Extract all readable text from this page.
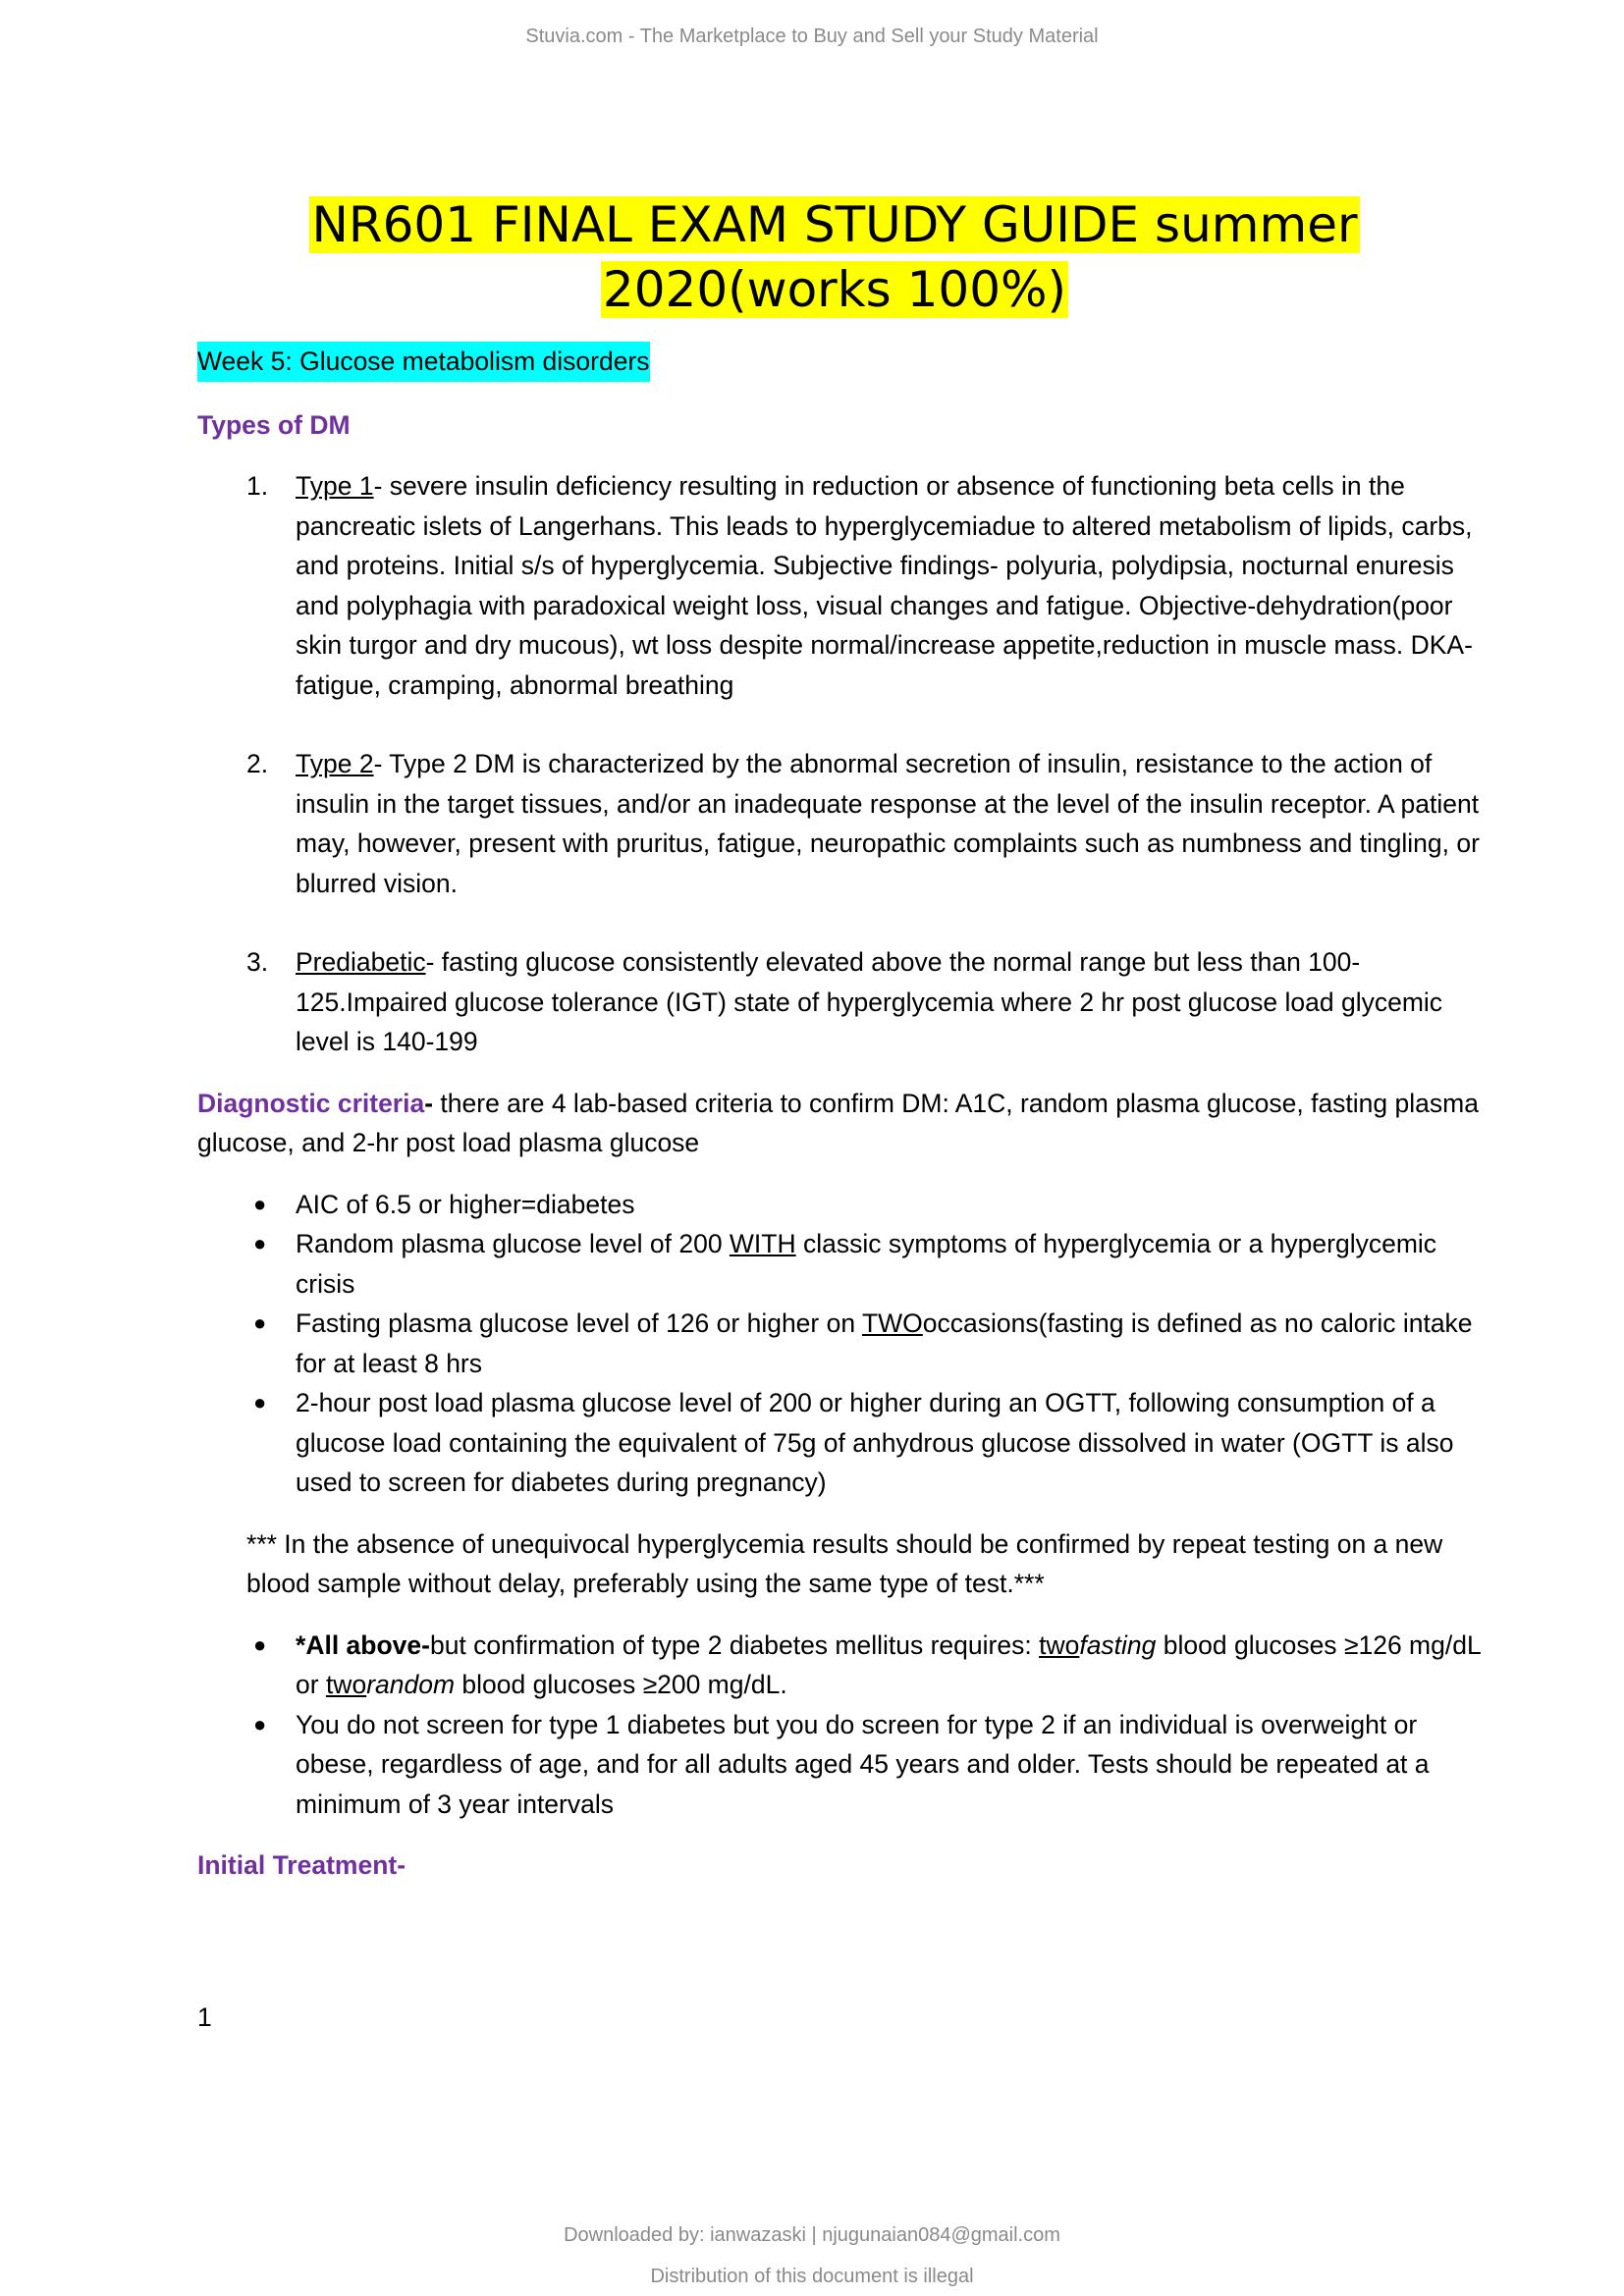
Stuvia.com - The Marketplace to Buy and Sell your Study Material
NR601 FINAL EXAM STUDY GUIDE summer
2020(works 100%)

Week 5: Glucose metabolism disorders

Types of DM

1. Type 1- severe insulin deficiency resulting in reduction or absence of functioning beta cells in the pancreatic islets of Langerhans. This leads to hyperglycemiadue to altered metabolism of lipids, carbs, and proteins. Initial s/s of hyperglycemia. Subjective findings- polyuria, polydipsia, nocturnal enuresis and polyphagia with paradoxical weight loss, visual changes and fatigue. Objective-dehydration(poor skin turgor and dry mucous), wt loss despite normal/increase appetite,reduction in muscle mass. DKA-fatigue, cramping, abnormal breathing
2. Type 2- Type 2 DM is characterized by the abnormal secretion of insulin, resistance to the action of insulin in the target tissues, and/or an inadequate response at the level of the insulin receptor. A patient may, however, present with pruritus, fatigue, neuropathic complaints such as numbness and tingling, or blurred vision.
3. Prediabetic- fasting glucose consistently elevated above the normal range but less than 100-125.Impaired glucose tolerance (IGT) state of hyperglycemia where 2 hr post glucose load glycemic level is 140-199

Diagnostic criteria- there are 4 lab-based criteria to confirm DM: A1C, random plasma glucose, fasting plasma glucose, and 2-hr post load plasma glucose

● AIC of 6.5 or higher=diabetes
● Random plasma glucose level of 200 WITH classic symptoms of hyperglycemia or a hyperglycemic crisis
● Fasting plasma glucose level of 126 or higher on TWOoccasions(fasting is defined as no caloric intake for at least 8 hrs
● 2-hour post load plasma glucose level of 200 or higher during an OGTT, following consumption of a glucose load containing the equivalent of 75g of anhydrous glucose dissolved in water (OGTT is also used to screen for diabetes during pregnancy)

*** In the absence of unequivocal hyperglycemia results should be confirmed by repeat testing on a new blood sample without delay, preferably using the same type of test.***

● *All above-but confirmation of type 2 diabetes mellitus requires: twofasting blood glucoses ≥126 mg/dL or tworandom blood glucoses ≥200 mg/dL.
● You do not screen for type 1 diabetes but you do screen for type 2 if an individual is overweight or obese, regardless of age, and for all adults aged 45 years and older. Tests should be repeated at a minimum of 3 year intervals

Initial Treatment-

1
Downloaded by: ianwazaski | njugunaian084@gmail.com
Distribution of this document is illegal
